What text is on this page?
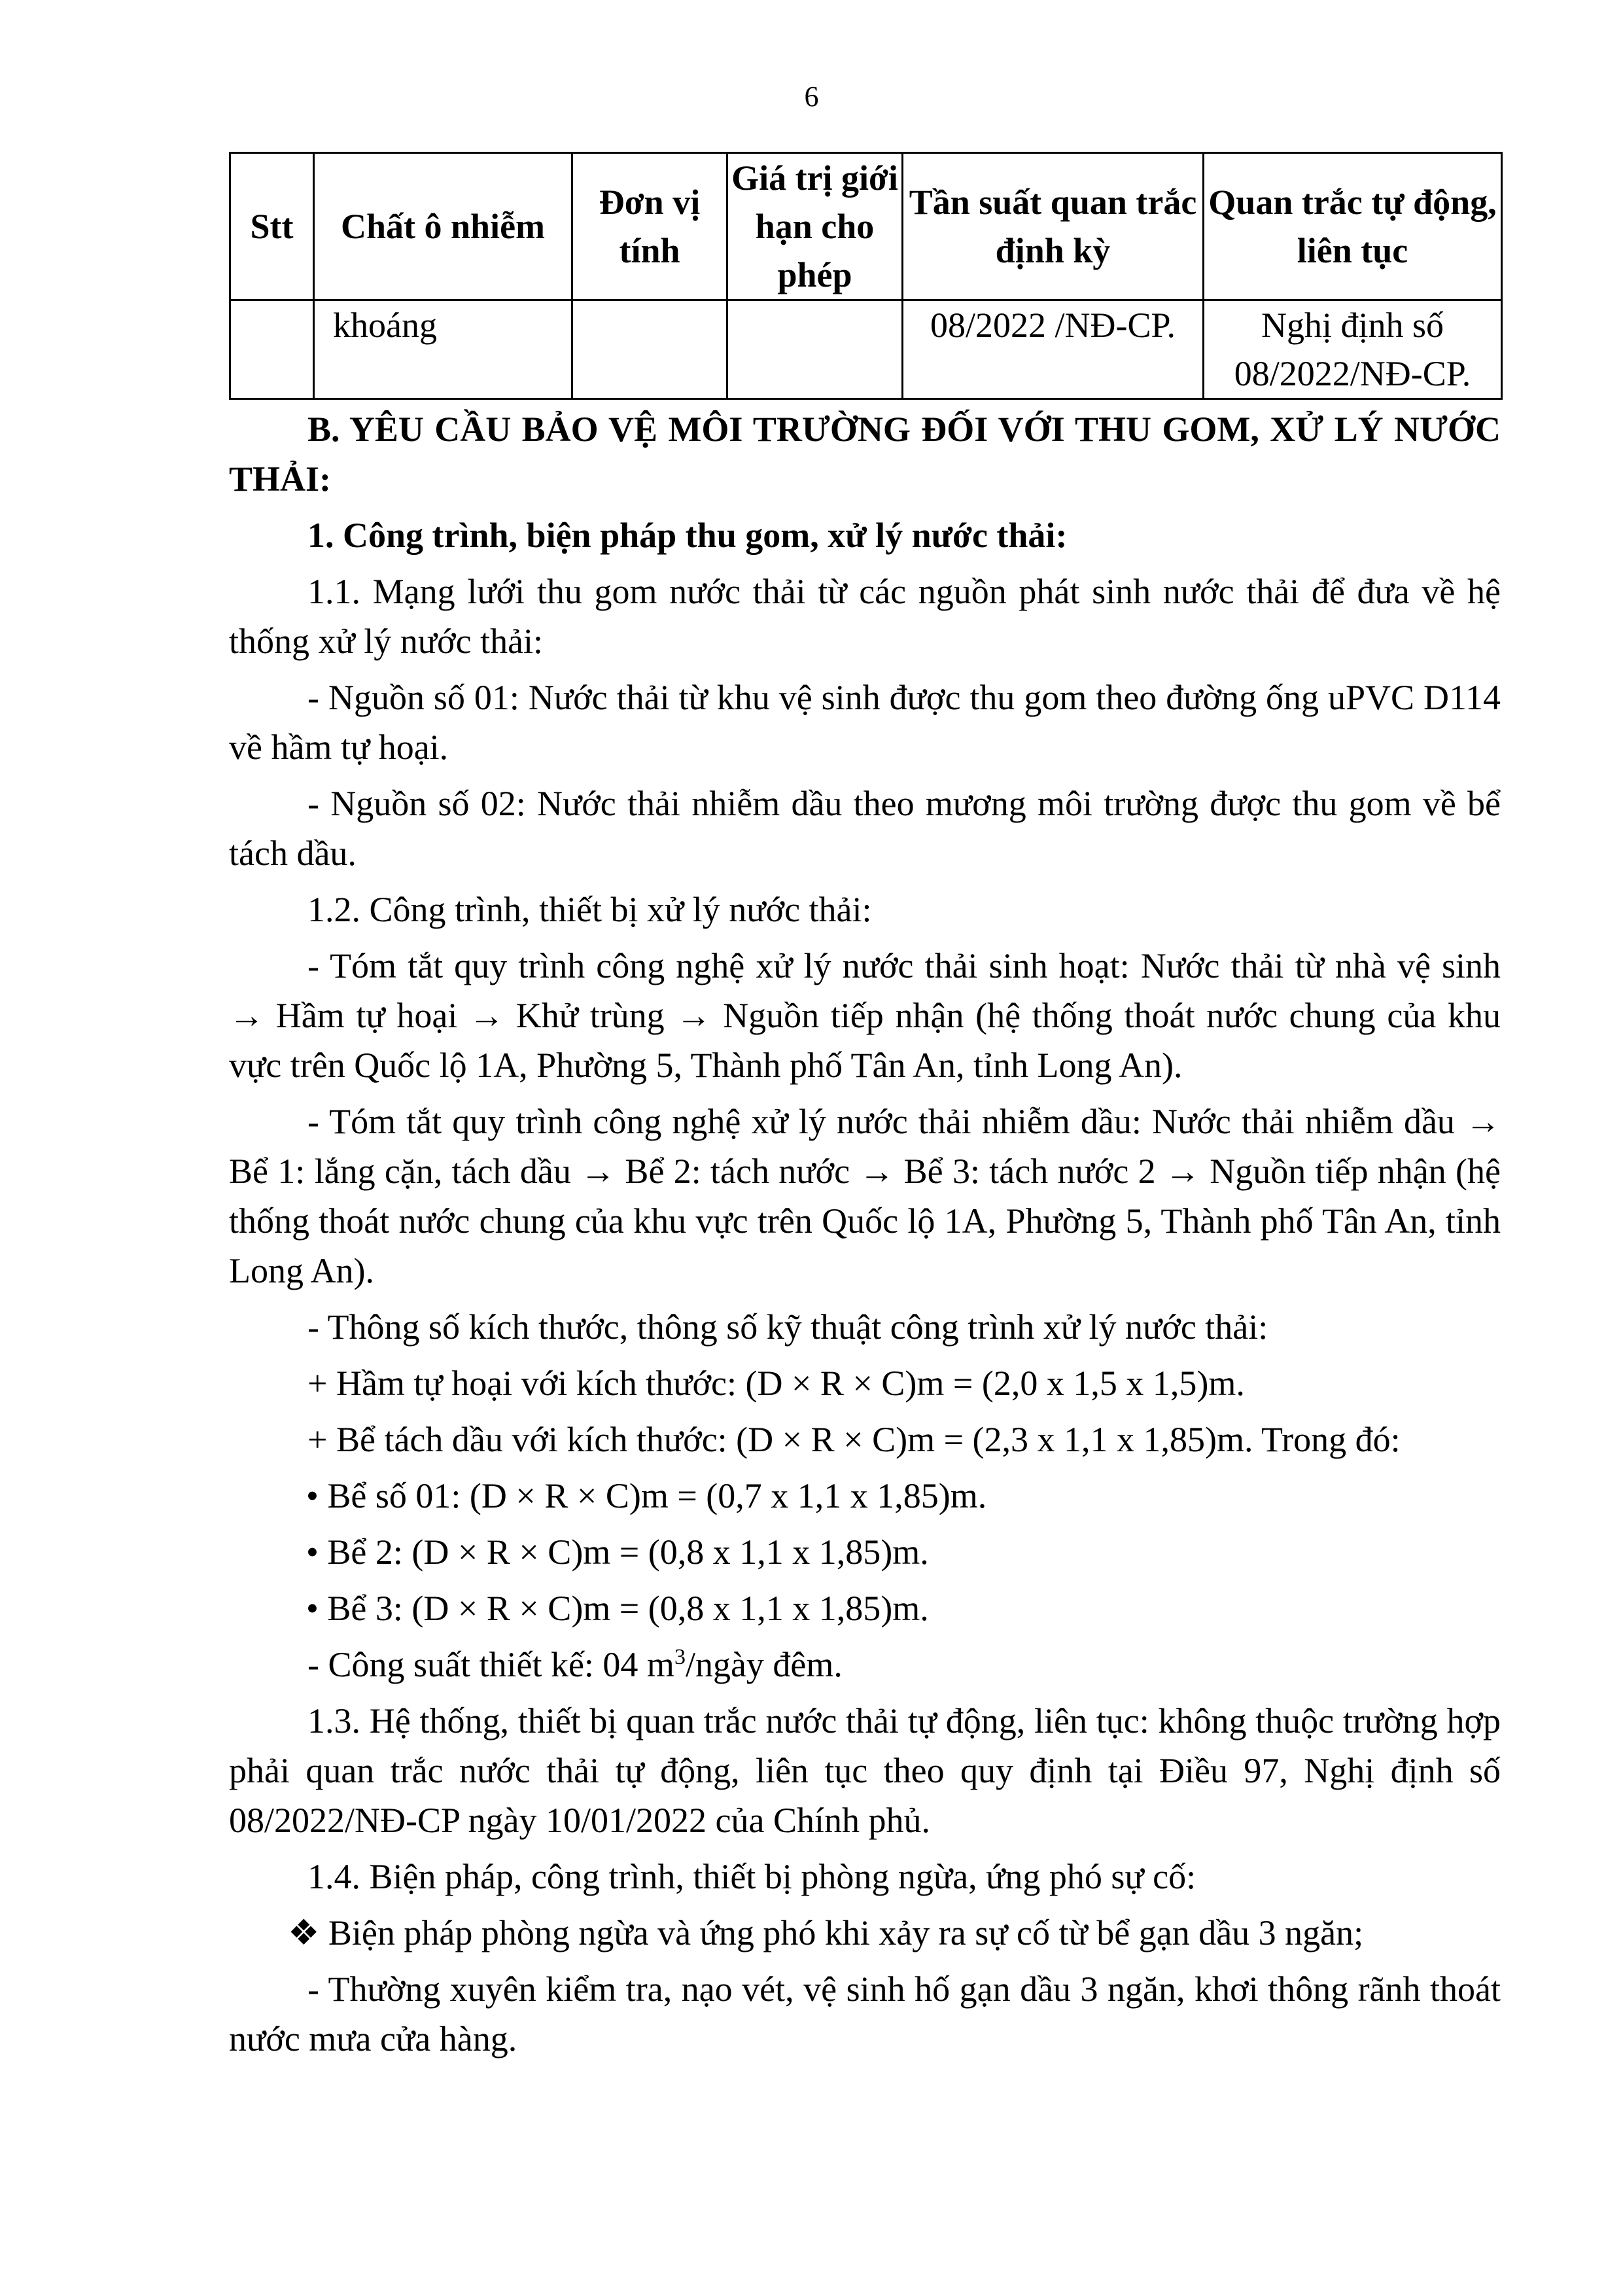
6
Stt	Chất ô nhiễm	Đơn vị tính	Giá trị giới hạn cho phép	Tần suất quan trắc định kỳ	Quan trắc tự động, liên tục
	khoáng			08/2022 /NĐ-CP.	Nghị định số 08/2022/NĐ-CP.

B. YÊU CẦU BẢO VỆ MÔI TRƯỜNG ĐỐI VỚI THU GOM, XỬ LÝ NƯỚC THẢI:

1. Công trình, biện pháp thu gom, xử lý nước thải:

1.1. Mạng lưới thu gom nước thải từ các nguồn phát sinh nước thải để đưa về hệ thống xử lý nước thải:

- Nguồn số 01: Nước thải từ khu vệ sinh được thu gom theo đường ống uPVC D114 về hầm tự hoại.

- Nguồn số 02: Nước thải nhiễm dầu theo mương môi trường được thu gom về bể tách dầu.

1.2. Công trình, thiết bị xử lý nước thải:

- Tóm tắt quy trình công nghệ xử lý nước thải sinh hoạt: Nước thải từ nhà vệ sinh → Hầm tự hoại → Khử trùng → Nguồn tiếp nhận (hệ thống thoát nước chung của khu vực trên Quốc lộ 1A, Phường 5, Thành phố Tân An, tỉnh Long An).

- Tóm tắt quy trình công nghệ xử lý nước thải nhiễm dầu: Nước thải nhiễm dầu → Bể 1: lắng cặn, tách dầu → Bể 2: tách nước → Bể 3: tách nước 2 → Nguồn tiếp nhận (hệ thống thoát nước chung của khu vực trên Quốc lộ 1A, Phường 5, Thành phố Tân An, tỉnh Long An).

- Thông số kích thước, thông số kỹ thuật công trình xử lý nước thải:

+ Hầm tự hoại với kích thước: (D × R × C)m = (2,0 x 1,5 x 1,5)m.

+ Bể tách dầu với kích thước: (D × R × C)m = (2,3 x 1,1 x 1,85)m. Trong đó:

• Bể số 01: (D × R × C)m = (0,7 x 1,1 x 1,85)m.

• Bể 2: (D × R × C)m = (0,8 x 1,1 x 1,85)m.

• Bể 3: (D × R × C)m = (0,8 x 1,1 x 1,85)m.

- Công suất thiết kế: 04 $m^3$/ngày đêm.

1.3. Hệ thống, thiết bị quan trắc nước thải tự động, liên tục: không thuộc trường hợp phải quan trắc nước thải tự động, liên tục theo quy định tại Điều 97, Nghị định số 08/2022/NĐ-CP ngày 10/01/2022 của Chính phủ.

1.4. Biện pháp, công trình, thiết bị phòng ngừa, ứng phó sự cố:

❖ Biện pháp phòng ngừa và ứng phó khi xảy ra sự cố từ bể gạn dầu 3 ngăn;

- Thường xuyên kiểm tra, nạo vét, vệ sinh hố gạn dầu 3 ngăn, khơi thông rãnh thoát nước mưa cửa hàng.
